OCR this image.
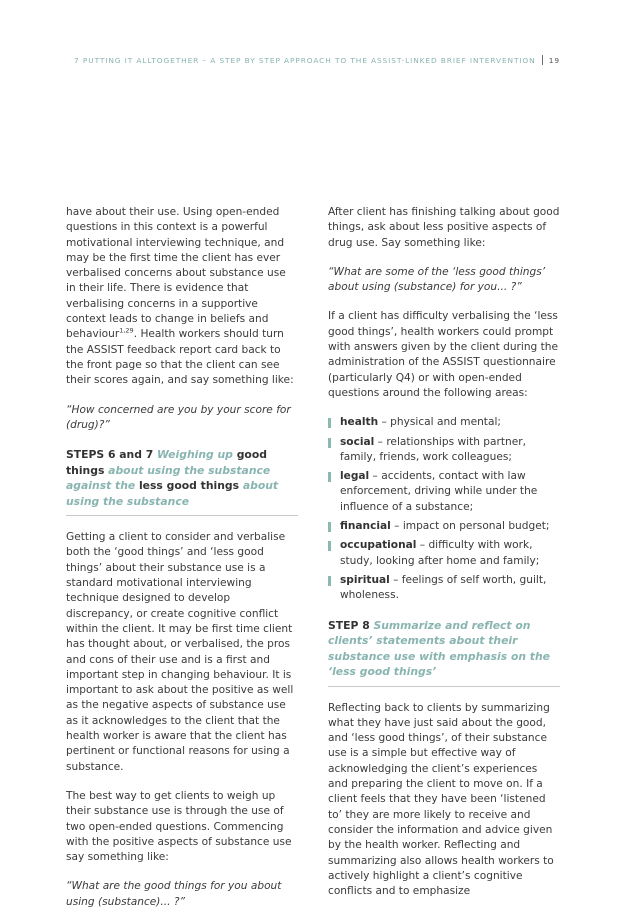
7 PUTTING IT ALLTOGETHER – A STEP BY STEP APPROACH TO THE ASSIST-LINKED BRIEF INTERVENTION 19

have about their use. Using open-ended questions in this context is a powerful motivational interviewing technique, and may be the first time the client has ever verbalised concerns about substance use in their life. There is evidence that verbalising concerns in a supportive context leads to change in beliefs and behaviour$^{1,29}$. Health workers should turn the ASSIST feedback report card back to the front page so that the client can see their scores again, and say something like:

“How concerned are you by your score for (drug)?”

STEPS 6 and 7 Weighing up good things about using the substance against the less good things about using the substance

Getting a client to consider and verbalise both the ‘good things’ and ‘less good things’ about their substance use is a standard motivational interviewing technique designed to develop discrepancy, or create cognitive conflict within the client. It may be first time client has thought about, or verbalised, the pros and cons of their use and is a first and important step in changing behaviour. It is important to ask about the positive as well as the negative aspects of substance use as it acknowledges to the client that the health worker is aware that the client has pertinent or functional reasons for using a substance.

The best way to get clients to weigh up their substance use is through the use of two open-ended questions. Commencing with the positive aspects of substance use say something like:

“What are the good things for you about using (substance)... ?”

After client has finishing talking about good things, ask about less positive aspects of drug use. Say something like:

“What are some of the ‘less good things’ about using (substance) for you... ?”

If a client has difficulty verbalising the ‘less good things’, health workers could prompt with answers given by the client during the administration of the ASSIST questionnaire (particularly Q4) or with open-ended questions around the following areas:

health – physical and mental;
social – relationships with partner, family, friends, work colleagues;
legal – accidents, contact with law enforcement, driving while under the influence of a substance;
financial – impact on personal budget;
occupational – difficulty with work, study, looking after home and family;
spiritual – feelings of self worth, guilt, wholeness.
STEP 8 Summarize and reflect on clients’ statements about their substance use with emphasis on the ‘less good things’

Reflecting back to clients by summarizing what they have just said about the good, and ‘less good things’, of their substance use is a simple but effective way of acknowledging the client’s experiences and preparing the client to move on. If a client feels that they have been ‘listened to’ they are more likely to receive and consider the information and advice given by the health worker. Reflecting and summarizing also allows health workers to actively highlight a client’s cognitive conflicts and to emphasize
